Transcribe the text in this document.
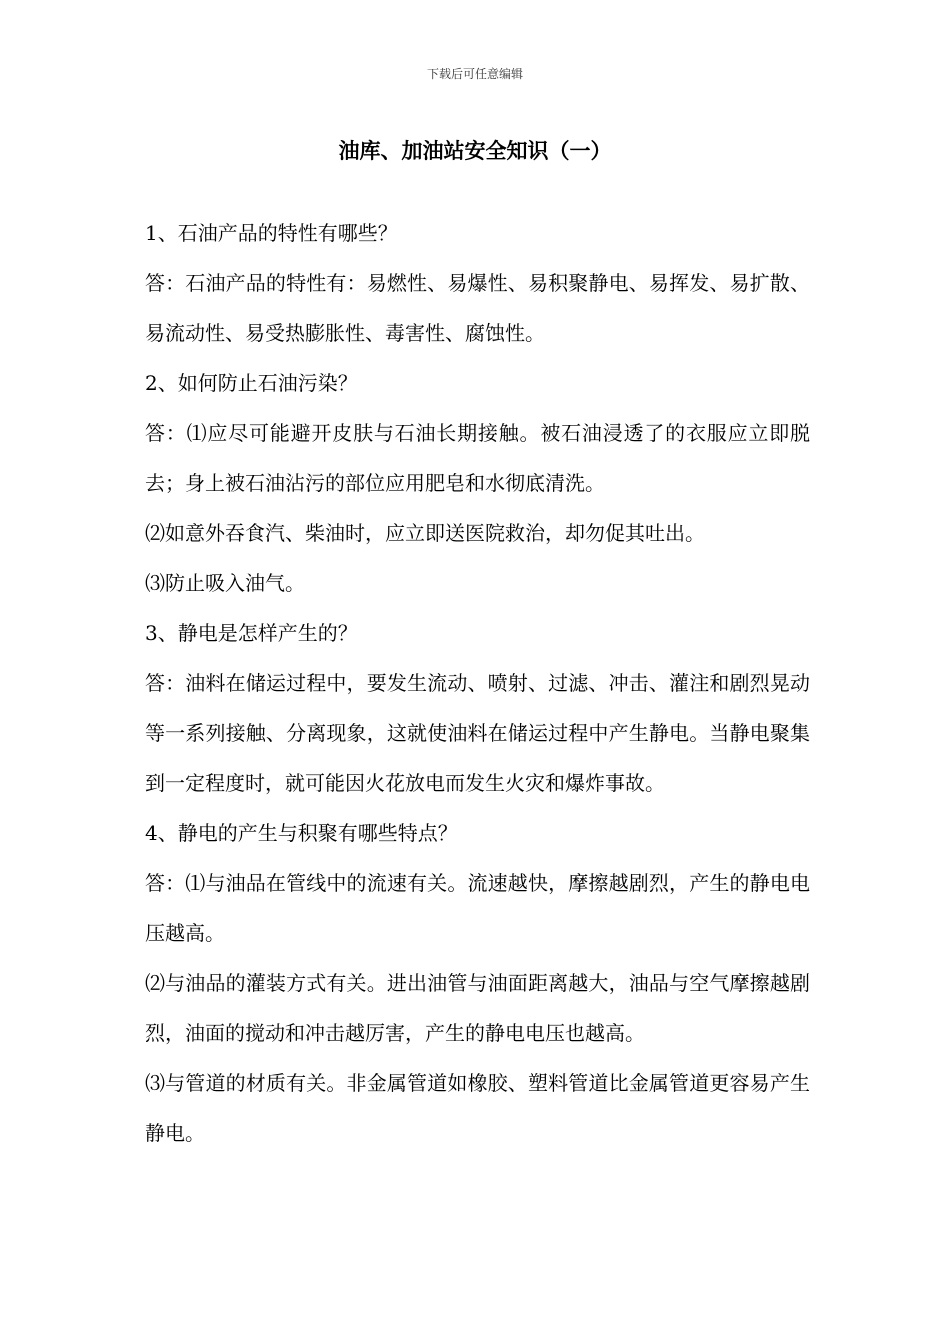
下载后可任意编辑
油库、加油站安全知识（一）

1、石油产品的特性有哪些？

答：石油产品的特性有：易燃性、易爆性、易积聚静电、易挥发、易扩散、易流动性、易受热膨胀性、毒害性、腐蚀性。

2、如何防止石油污染？

答：⑴应尽可能避开皮肤与石油长期接触。被石油浸透了的衣服应立即脱去；身上被石油沾污的部位应用肥皂和水彻底清洗。

⑵如意外吞食汽、柴油时，应立即送医院救治，却勿促其吐出。

⑶防止吸入油气。

3、静电是怎样产生的？

答：油料在储运过程中，要发生流动、喷射、过滤、冲击、灌注和剧烈晃动等一系列接触、分离现象，这就使油料在储运过程中产生静电。当静电聚集到一定程度时，就可能因火花放电而发生火灾和爆炸事故。

4、静电的产生与积聚有哪些特点？

答：⑴与油品在管线中的流速有关。流速越快，摩擦越剧烈，产生的静电电压越高。

⑵与油品的灌装方式有关。进出油管与油面距离越大，油品与空气摩擦越剧烈，油面的搅动和冲击越厉害，产生的静电电压也越高。

⑶与管道的材质有关。非金属管道如橡胶、塑料管道比金属管道更容易产生静电。
